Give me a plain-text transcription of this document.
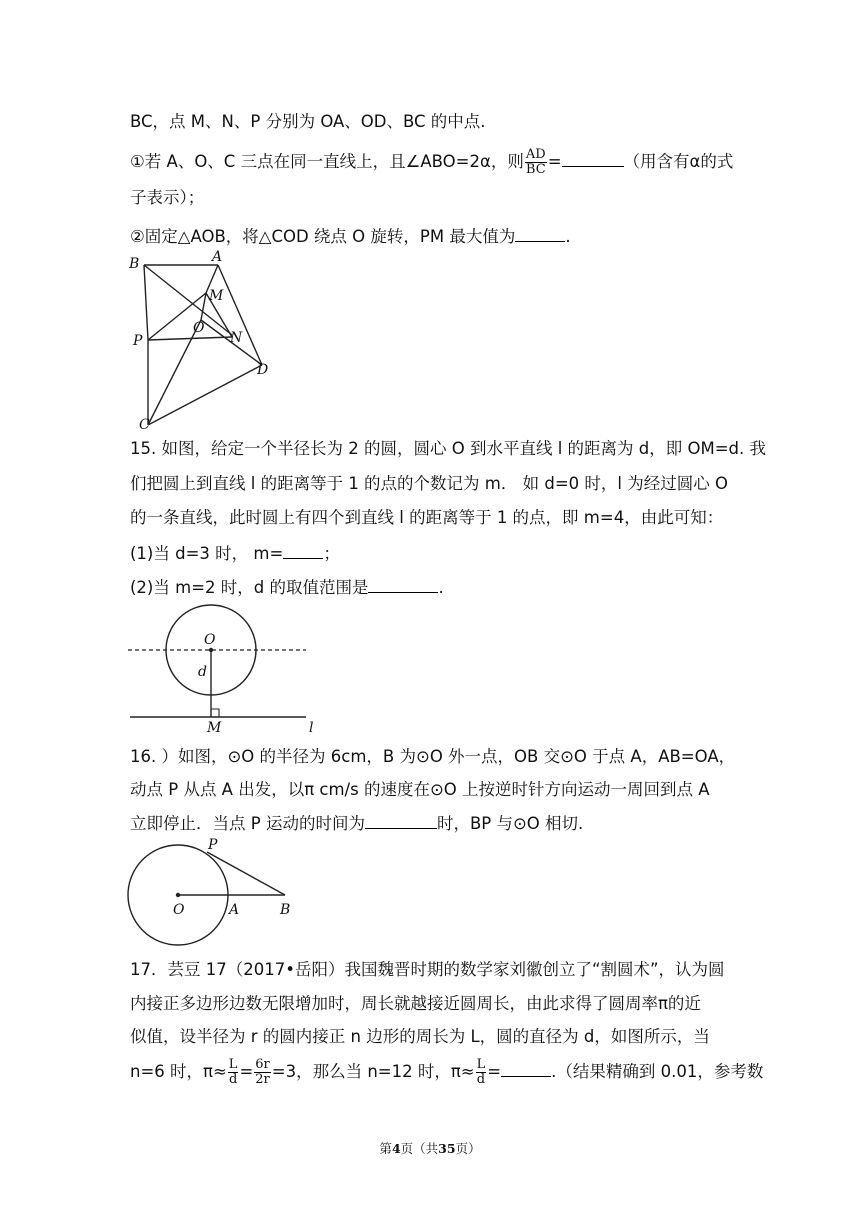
BC，点 M、N、P 分别为 OA、OD、BC 的中点.
①若 A、O、C 三点在同一直线上，且∠ABO=2α，则 $\frac{AD}{BC}$ =	（用含有α的式
子表示）；
②固定△AOB，将△COD 绕点 O 旋转，PM 最大值为	.
B	A
M
O
N
P
D
C
15. 如图，给定一个半径长为 2 的圆，圆心 O 到水平直线 l 的距离为 d，即 OM=d. 我
们把圆上到直线 l 的距离等于 1 的点的个数记为 m． 如 d=0 时，l 为经过圆心 O
的一条直线，此时圆上有四个到直线 l 的距离等于 1 的点，即 m=4，由此可知：
(1)当 d=3 时， m= ；
(2)当 m=2 时，d 的取值范围是	.
O
d
M	l
16. ）如图，⊙O 的半径为 6cm，B 为⊙O 外一点，OB 交⊙O 于点 A，AB=OA，
动点 P 从点 A 出发，以π cm/s 的速度在⊙O 上按逆时针方向运动一周回到点 A
立即停止．当点 P 运动的时间为	时，BP 与⊙O 相切.
P
O	A	B
17．芸豆 17（2017•岳阳）我国魏晋时期的数学家刘徽创立了“割圆术”，认为圆
内接正多边形边数无限增加时，周长就越接近圆周长，由此求得了圆周率π的近
似值，设半径为 r 的圆内接正 n 边形的周长为 L，圆的直径为 d，如图所示，当
n=6 时，$\pi\approx \frac{L}{d} = \frac{6r}{2r} =3$，那么当 n=12 时，$\pi\approx \frac{L}{d}$ =	.（结果精确到 0.01，参考数
第4页（共35页）
